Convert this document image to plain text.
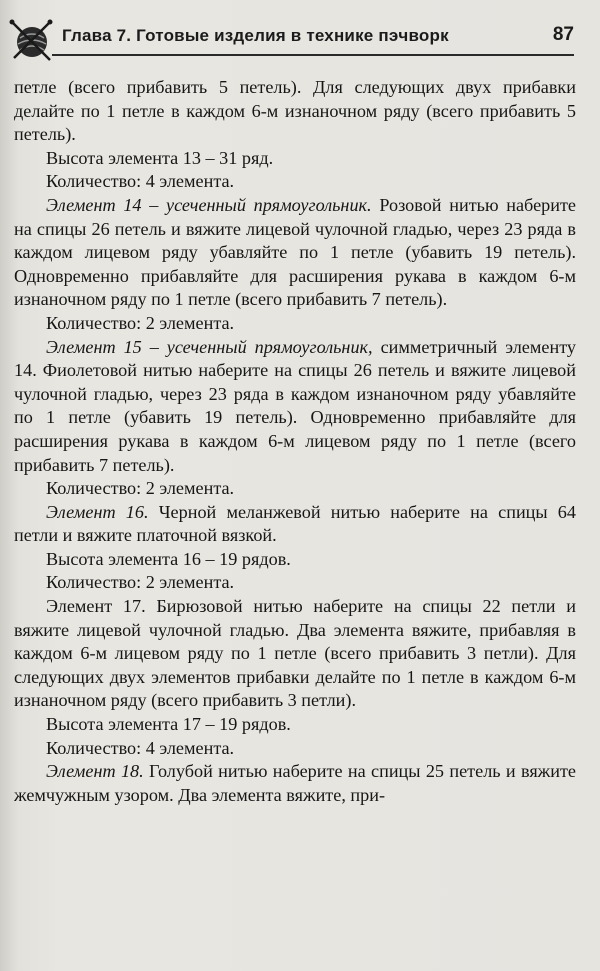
Глава 7. Готовые изделия в технике пэчворк	87

петле (всего прибавить 5 петель). Для следующих двух прибавки делайте по 1 петле в каждом 6-м изнаночном ряду (всего прибавить 5 петель).

Высота элемента 13 – 31 ряд.

Количество: 4 элемента.

Элемент 14 – усеченный прямоугольник. Розовой нитью наберите на спицы 26 петель и вяжите лицевой чулочной гладью, через 23 ряда в каждом лицевом ряду убавляйте по 1 петле (убавить 19 петель). Одновременно прибавляйте для расширения рукава в каждом 6-м изнаночном ряду по 1 петле (всего прибавить 7 петель).

Количество: 2 элемента.

Элемент 15 – усеченный прямоугольник, симметричный элементу 14. Фиолетовой нитью наберите на спицы 26 петель и вяжите лицевой чулочной гладью, через 23 ряда в каждом изнаночном ряду убавляйте по 1 петле (убавить 19 петель). Одновременно прибавляйте для расширения рукава в каждом 6-м лицевом ряду по 1 петле (всего прибавить 7 петель).

Количество: 2 элемента.

Элемент 16. Черной меланжевой нитью наберите на спицы 64 петли и вяжите платочной вязкой.

Высота элемента 16 – 19 рядов.

Количество: 2 элемента.

Элемент 17. Бирюзовой нитью наберите на спицы 22 петли и вяжите лицевой чулочной гладью. Два элемента вяжите, прибавляя в каждом 6-м лицевом ряду по 1 петле (всего прибавить 3 петли). Для следующих двух элементов прибавки делайте по 1 петле в каждом 6-м изнаночном ряду (всего прибавить 3 петли).

Высота элемента 17 – 19 рядов.

Количество: 4 элемента.

Элемент 18. Голубой нитью наберите на спицы 25 петель и вяжите жемчужным узором. Два элемента вяжите, при-
